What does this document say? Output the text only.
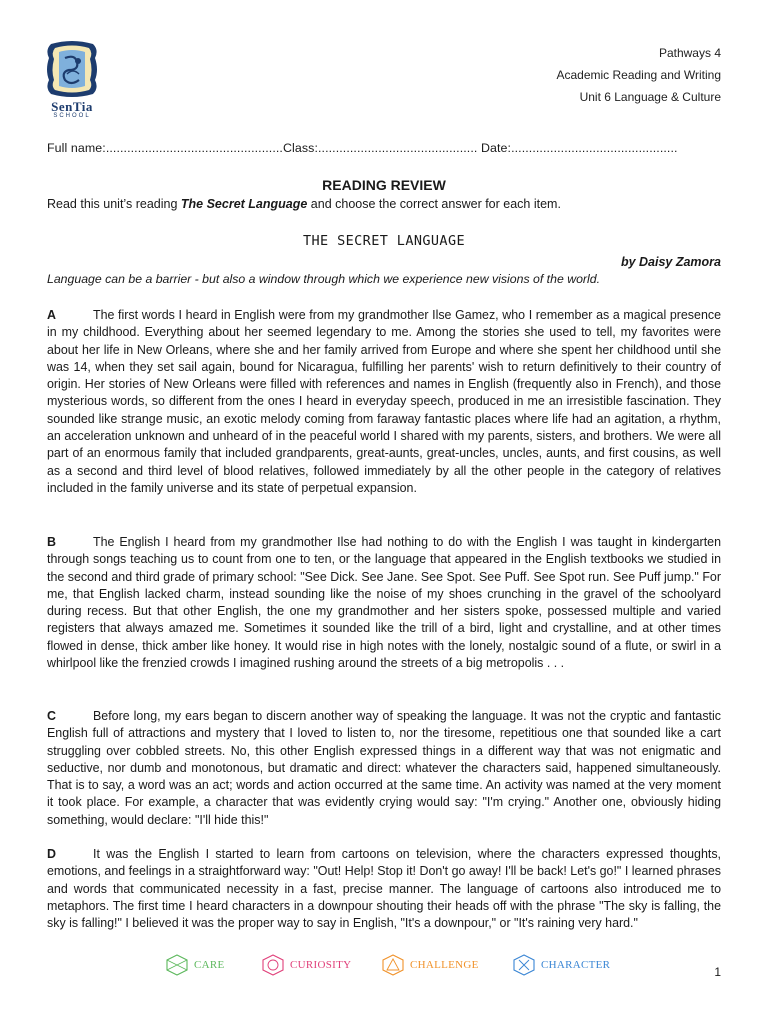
SenTia
SCHOOL
Pathways 4
Academic Reading and Writing
Unit 6 Language & Culture
Full name:..................................................Class:............................................. Date:...............................................
READING REVIEW
Read this unit’s reading The Secret Language and choose the correct answer for each item.
THE SECRET LANGUAGE
by Daisy Zamora
Language can be a barrier - but also a window through which we experience new visions of the world.
A	The first words I heard in English were from my grandmother Ilse Gamez, who I remember as a magical presence in my childhood. Everything about her seemed legendary to me. Among the stories she used to tell, my favorites were about her life in New Orleans, where she and her family arrived from Europe and where she spent her childhood until she was 14, when they set sail again, bound for Nicaragua, fulfilling her parents' wish to return definitively to their country of origin. Her stories of New Orleans were filled with references and names in English (frequently also in French), and those mysterious words, so different from the ones I heard in everyday speech, produced in me an irresistible fascination. They sounded like strange music, an exotic melody coming from faraway fantastic places where life had an agitation, a rhythm, an acceleration unknown and unheard of in the peaceful world I shared with my parents, sisters, and brothers. We were all part of an enormous family that included grandparents, great-aunts, great-uncles, uncles, aunts, and first cousins, as well as a second and third level of blood relatives, followed immediately by all the other people in the category of relatives included in the family universe and its state of perpetual expansion.
B	The English I heard from my grandmother Ilse had nothing to do with the English I was taught in kindergarten through songs teaching us to count from one to ten, or the language that appeared in the English textbooks we studied in the second and third grade of primary school: "See Dick. See Jane. See Spot. See Puff. See Spot run. See Puff jump." For me, that English lacked charm, instead sounding like the noise of my shoes crunching in the gravel of the schoolyard during recess. But that other English, the one my grandmother and her sisters spoke, possessed multiple and varied registers that always amazed me. Sometimes it sounded like the trill of a bird, light and crystalline, and at other times flowed in dense, thick amber like honey. It would rise in high notes with the lonely, nostalgic sound of a flute, or swirl in a whirlpool like the frenzied crowds I imagined rushing around the streets of a big metropolis . . .
C	Before long, my ears began to discern another way of speaking the language. It was not the cryptic and fantastic English full of attractions and mystery that I loved to listen to, nor the tiresome, repetitious one that sounded like a cart struggling over cobbled streets. No, this other English expressed things in a different way that was not enigmatic and seductive, nor dumb and monotonous, but dramatic and direct: whatever the characters said, happened simultaneously. That is to say, a word was an act; words and action occurred at the same time. An activity was named at the very moment it took place. For example, a character that was evidently crying would say: "I'm crying." Another one, obviously hiding something, would declare: "I'll hide this!"
D	It was the English I started to learn from cartoons on television, where the characters expressed thoughts, emotions, and feelings in a straightforward way: "Out! Help! Stop it! Don't go away! I'll be back! Let's go!" I learned phrases and words that communicated necessity in a fast, precise manner. The language of cartoons also introduced me to metaphors. The first time I heard characters in a downpour shouting their heads off with the phrase "The sky is falling, the sky is falling!" I believed it was the proper way to say in English, "It's a downpour," or "It's raining very hard."
CARE	CURIOSITY	CHALLENGE	CHARACTER	1
